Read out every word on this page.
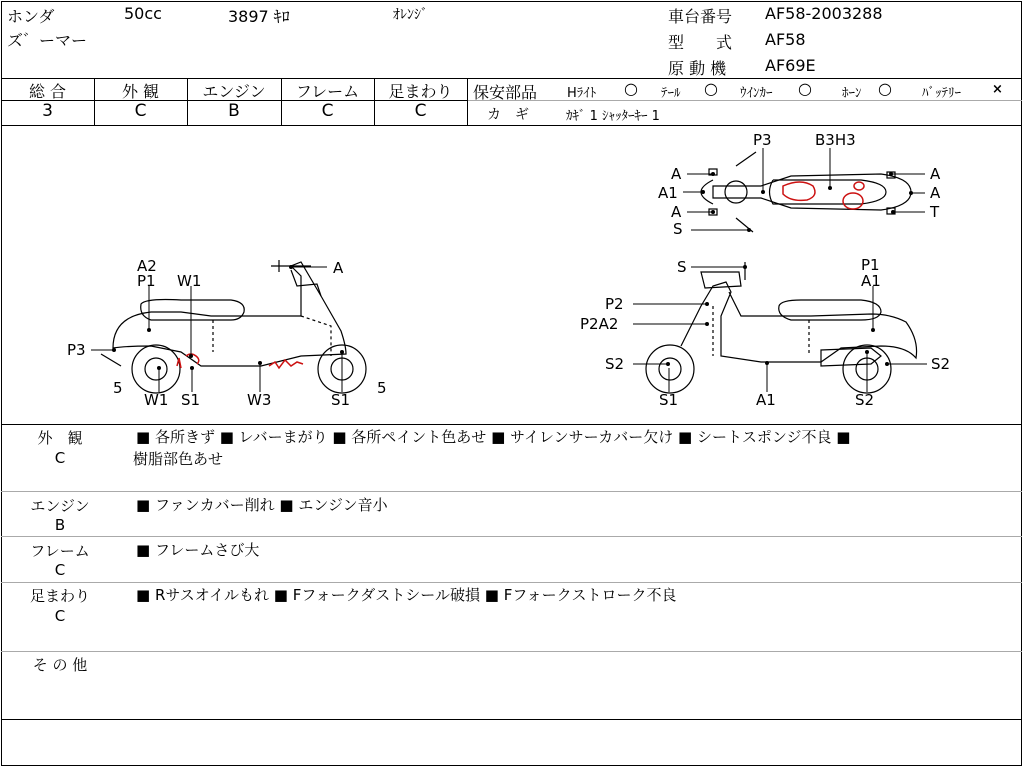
ホンダ	50cc	3897 ｷﾛ	ｵﾚﾝｼﾞ
ズ゛ーマー
車台番号 AF58-2003288
型　　式 AF58
原 動 機 AF69E
総 合	外 観	エンジン	フレーム	足まわり
3	C	B	C	C
保安部品 Hﾗｲﾄ ○ ﾃｰﾙ ○ ｳｲﾝｶｰ ○ ﾎｰﾝ ○ ﾊﾞｯﾃﾘｰ ×
カ　ギ	ｶｷﾞ 1 ｼｬｯﾀｰｷｰ 1
P3	B3H3
A
A1
A
S
A
A
T
A2
P1 W1
A
P3
5
W1 S1	W3	S1
5
S	P1
A1
P2
P2A2
S2	S2
S1	A1	S2
外　観
C
■ 各所きず ■ レバーまがり ■ 各所ペイント色あせ ■ サイレンサーカバー欠け ■ シートスポンジ不良 ■
樹脂部色あせ
エンジン
B
■ ファンカバー削れ ■ エンジン音小
フレーム
C
■ フレームさび大
足まわり
C
■ Rサスオイルもれ ■ Fフォークダストシール破損 ■ Fフォークストローク不良
そ の 他
